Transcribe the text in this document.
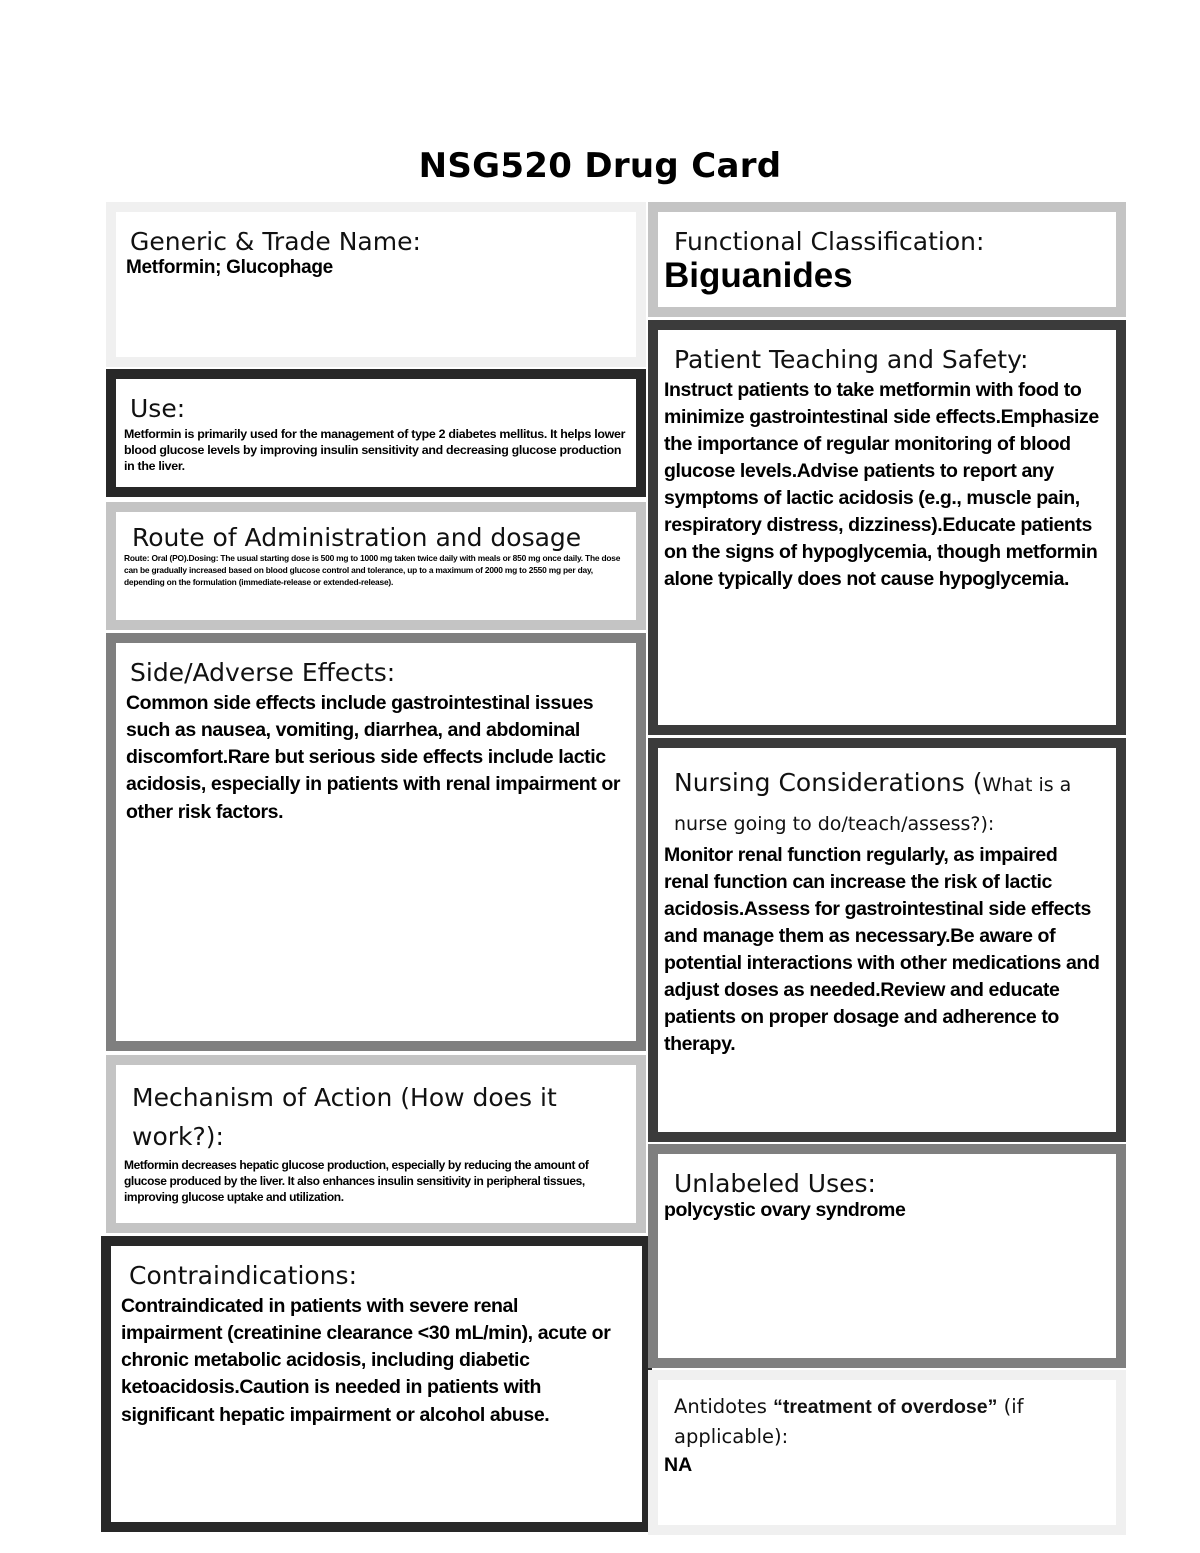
NSG520 Drug Card

Generic & Trade Name:

Metformin; Glucophage

Use:

Metformin is primarily used for the management of type 2 diabetes mellitus. It helps lower blood glucose levels by improving insulin sensitivity and decreasing glucose production in the liver.

Route of Administration and dosage

Route: Oral (PO).Dosing: The usual starting dose is 500 mg to 1000 mg taken twice daily with meals or 850 mg once daily. The dose can be gradually increased based on blood glucose control and tolerance, up to a maximum of 2000 mg to 2550 mg per day, depending on the formulation (immediate-release or extended-release).

Side/Adverse Effects:

Common side effects include gastrointestinal issues such as nausea, vomiting, diarrhea, and abdominal discomfort.Rare but serious side effects include lactic acidosis, especially in patients with renal impairment or other risk factors.

Mechanism of Action (How does it work?):

Metformin decreases hepatic glucose production, especially by reducing the amount of glucose produced by the liver. It also enhances insulin sensitivity in peripheral tissues, improving glucose uptake and utilization.

Contraindications:

Contraindicated in patients with severe renal impairment (creatinine clearance <30 mL/min), acute or chronic metabolic acidosis, including diabetic ketoacidosis.Caution is needed in patients with significant hepatic impairment or alcohol abuse.

Functional Classification:

Biguanides

Patient Teaching and Safety:

Instruct patients to take metformin with food to minimize gastrointestinal side effects.Emphasize the importance of regular monitoring of blood glucose levels.Advise patients to report any symptoms of lactic acidosis (e.g., muscle pain, respiratory distress, dizziness).Educate patients on the signs of hypoglycemia, though metformin alone typically does not cause hypoglycemia.

Nursing Considerations (What is a nurse going to do/teach/assess?):

Monitor renal function regularly, as impaired renal function can increase the risk of lactic acidosis.Assess for gastrointestinal side effects and manage them as necessary.Be aware of potential interactions with other medications and adjust doses as needed.Review and educate patients on proper dosage and adherence to therapy.

Unlabeled Uses:

polycystic ovary syndrome

Antidotes “treatment of overdose” (if applicable):

NA
